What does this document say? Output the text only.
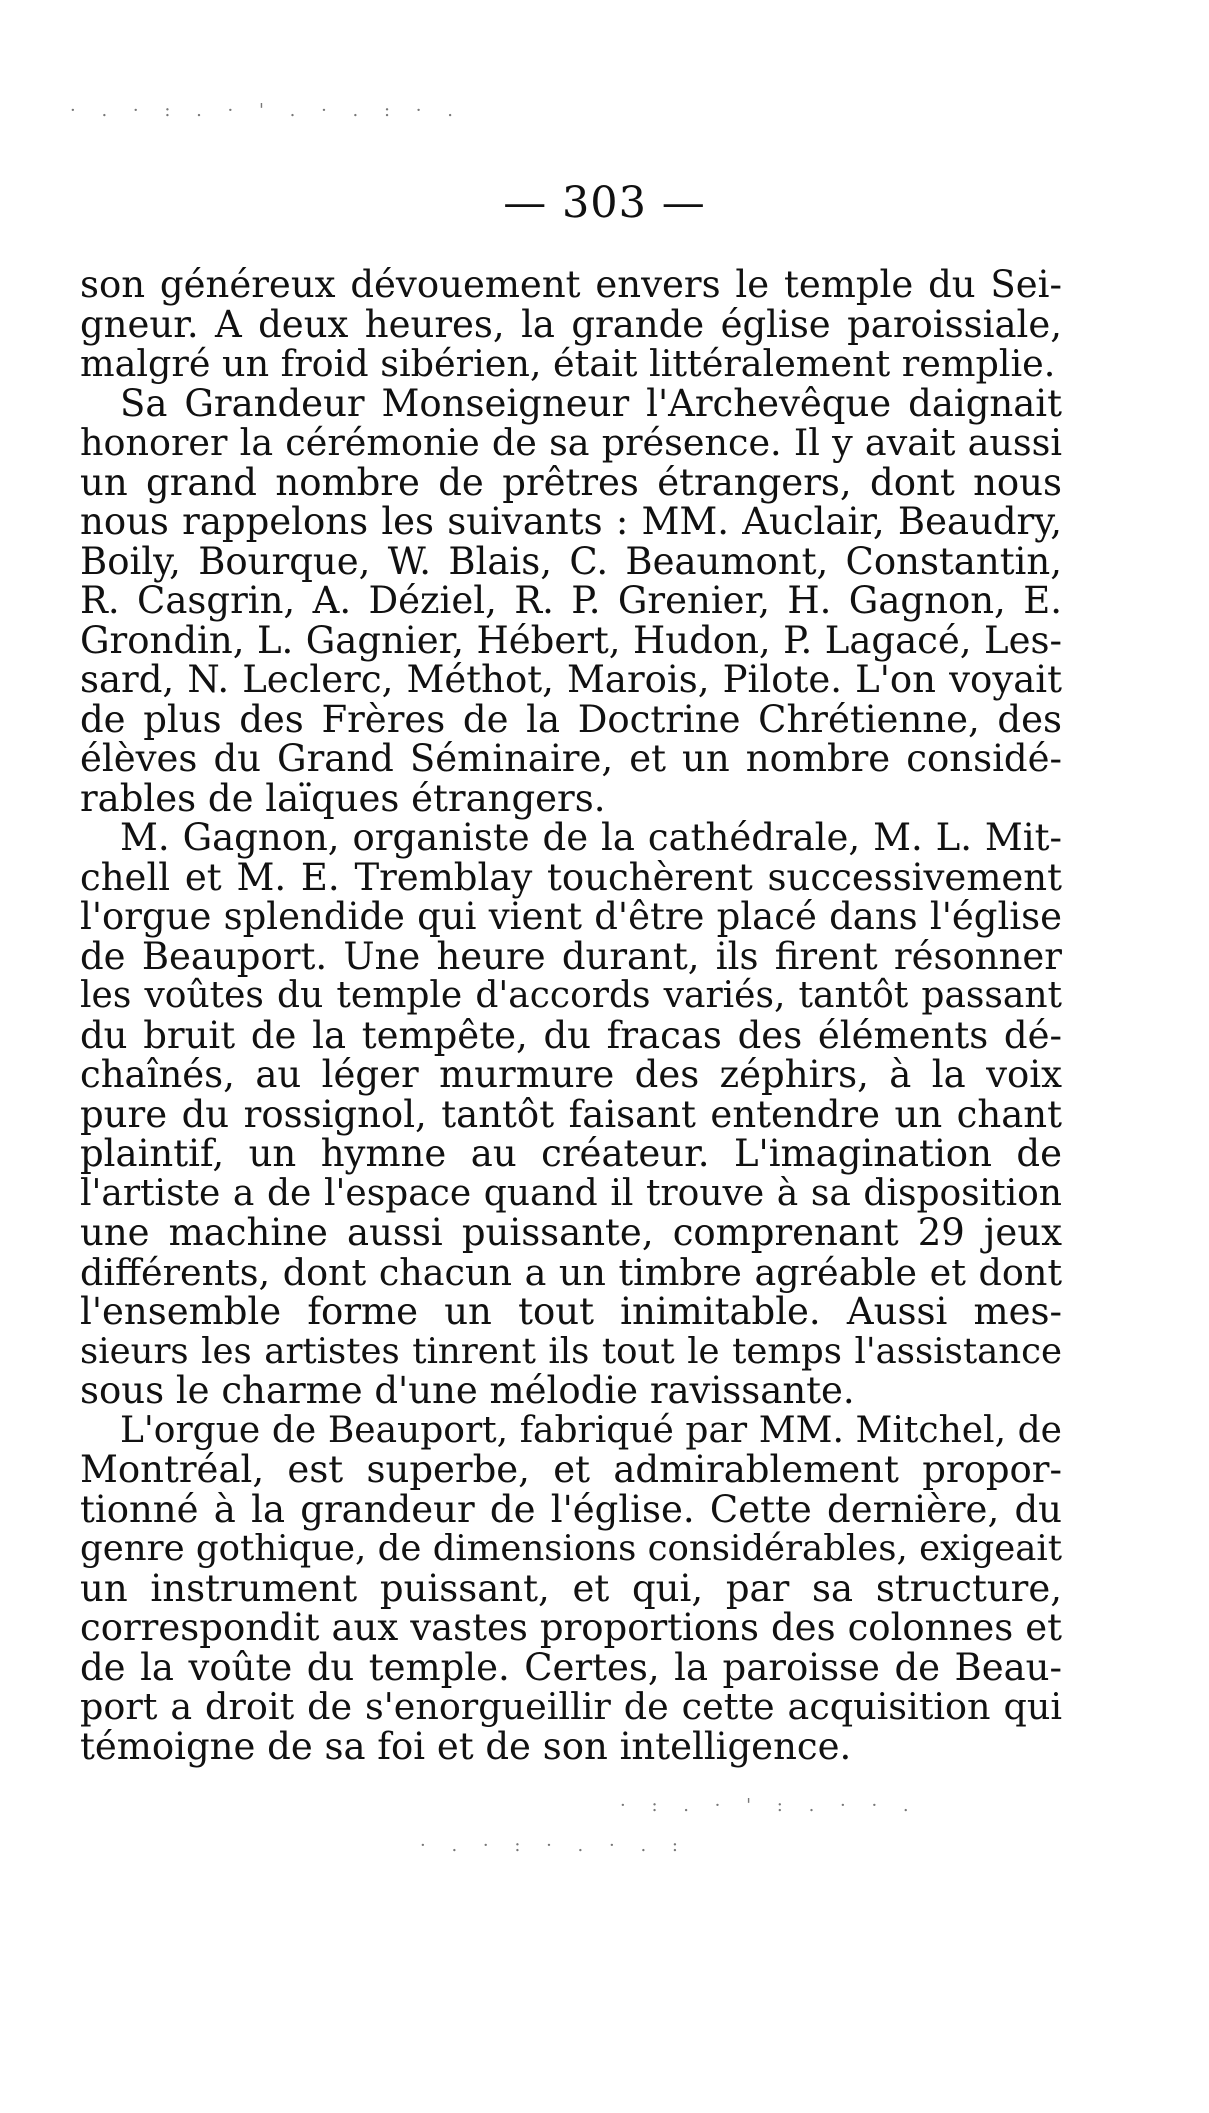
— 303 —
son généreux dévouement envers le temple du Sei-
gneur. A deux heures, la grande église paroissiale,
malgré un froid sibérien, était littéralement remplie.
Sa Grandeur Monseigneur l'Archevêque daignait
honorer la cérémonie de sa présence. Il y avait aussi
un grand nombre de prêtres étrangers, dont nous
nous rappelons les suivants : MM. Auclair, Beaudry,
Boily, Bourque, W. Blais, C. Beaumont, Constantin,
R. Casgrin, A. Déziel, R. P. Grenier, H. Gagnon, E.
Grondin, L. Gagnier, Hébert, Hudon, P. Lagacé, Les-
sard, N. Leclerc, Méthot, Marois, Pilote. L'on voyait
de plus des Frères de la Doctrine Chrétienne, des
élèves du Grand Séminaire, et un nombre considé-
rables de laïques étrangers.
M. Gagnon, organiste de la cathédrale, M. L. Mit-
chell et M. E. Tremblay touchèrent successivement
l'orgue splendide qui vient d'être placé dans l'église
de Beauport. Une heure durant, ils firent résonner
les voûtes du temple d'accords variés, tantôt passant
du bruit de la tempête, du fracas des éléments dé-
chaînés, au léger murmure des zéphirs, à la voix
pure du rossignol, tantôt faisant entendre un chant
plaintif, un hymne au créateur. L'imagination de
l'artiste a de l'espace quand il trouve à sa disposition
une machine aussi puissante, comprenant 29 jeux
différents, dont chacun a un timbre agréable et dont
l'ensemble forme un tout inimitable. Aussi mes-
sieurs les artistes tinrent ils tout le temps l'assistance
sous le charme d'une mélodie ravissante.
L'orgue de Beauport, fabriqué par MM. Mitchel, de
Montréal, est superbe, et admirablement propor-
tionné à la grandeur de l'église. Cette dernière, du
genre gothique, de dimensions considérables, exigeait
un instrument puissant, et qui, par sa structure,
correspondit aux vastes proportions des colonnes et
de la voûte du temple. Certes, la paroisse de Beau-
port a droit de s'enorgueillir de cette acquisition qui
témoigne de sa foi et de son intelligence.
· . · : . · ' . · . : · .
· : . · ' : . · · .
· . · : · . · . :
